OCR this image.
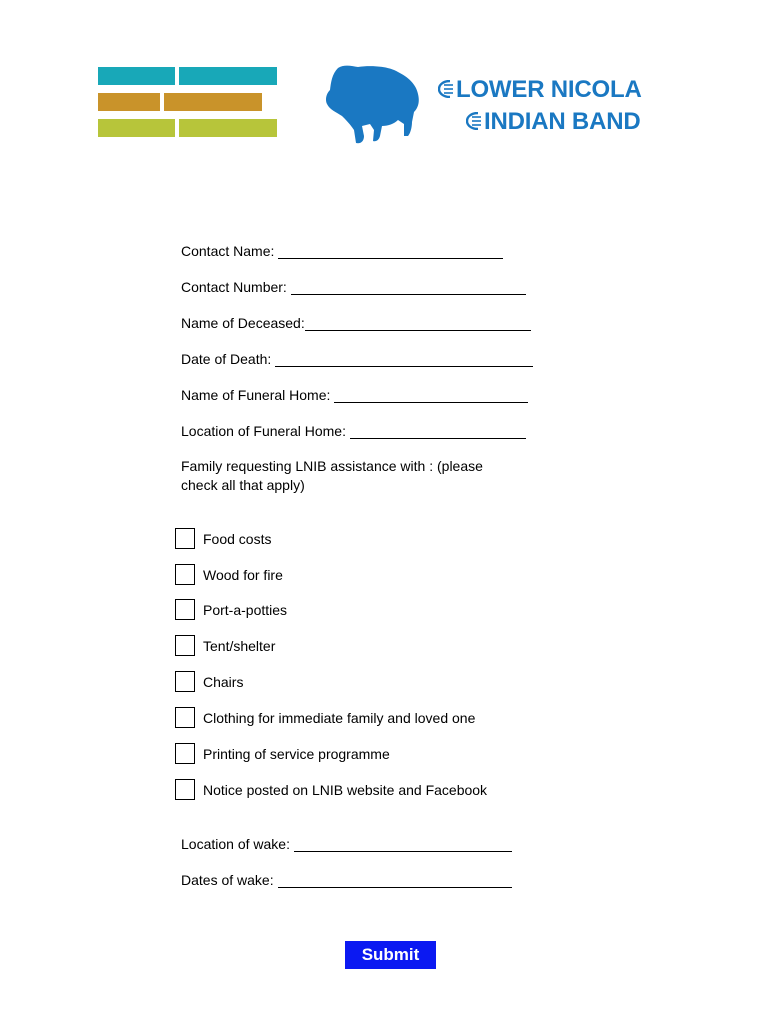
LOWER NICOLA
INDIAN BAND
Contact Name:
Contact Number:
Name of Deceased:
Date of Death:
Name of Funeral Home:
Location of Funeral Home:
Family requesting LNIB assistance with : (please check all that apply)
Food costs
Wood for fire
Port-a-potties
Tent/shelter
Chairs
Clothing for immediate family and loved one
Printing of service programme
Notice posted on LNIB website and Facebook
Location of wake:
Dates of wake:
Submit
